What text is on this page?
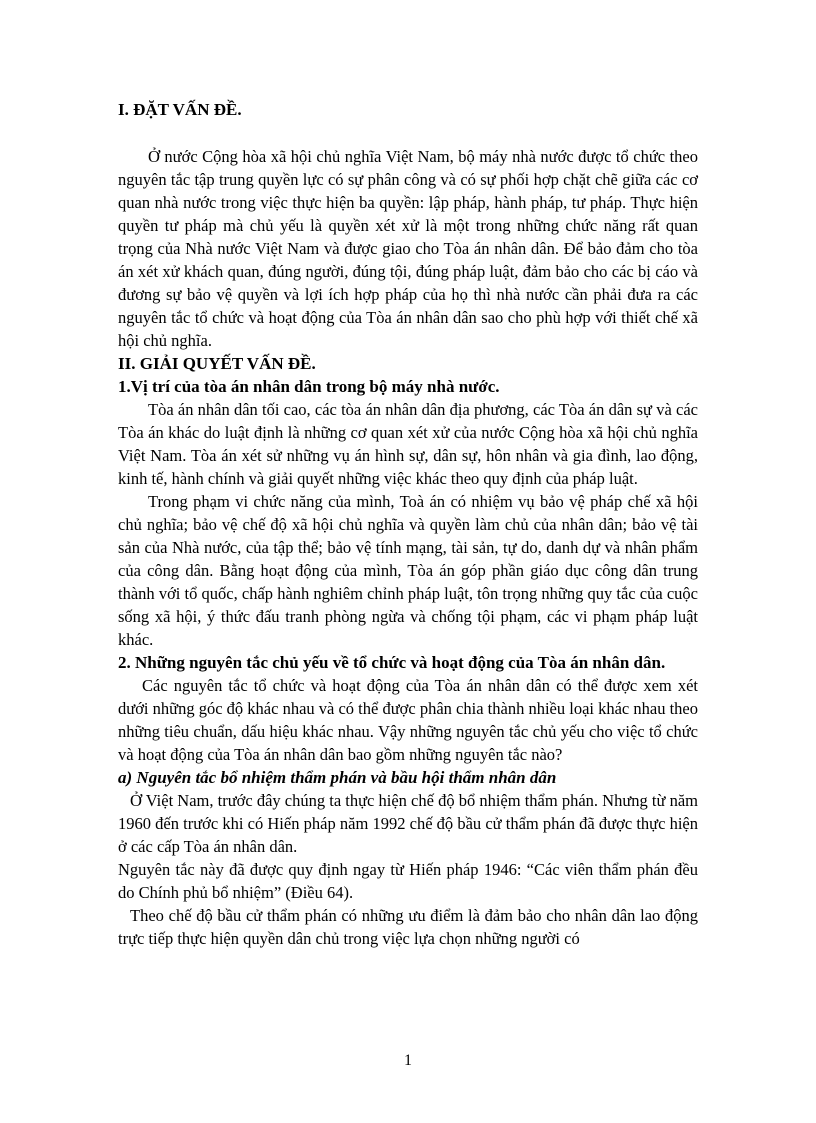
I. ĐẶT VẤN ĐỀ.

Ở nước Cộng hòa xã hội chủ nghĩa Việt Nam, bộ máy nhà nước được tổ chức theo nguyên tắc tập trung quyền lực có sự phân công và có sự phối hợp chặt chẽ giữa các cơ quan nhà nước trong việc thực hiện ba quyền: lập pháp, hành pháp, tư pháp. Thực hiện quyền tư pháp mà chủ yếu là quyền xét xử là một trong những chức năng rất quan trọng của Nhà nước Việt Nam và được giao cho Tòa án nhân dân. Để bảo đảm cho tòa án xét xử khách quan, đúng người, đúng tội, đúng pháp luật, đảm bảo cho các bị cáo và đương sự bảo vệ quyền và lợi ích hợp pháp của họ thì nhà nước cần phải đưa ra các nguyên tắc tổ chức và hoạt động của Tòa án nhân dân sao cho phù hợp với thiết chế xã hội chủ nghĩa.

II. GIẢI QUYẾT VẤN ĐỀ.

1.Vị trí của tòa án nhân dân trong bộ máy nhà nước.

Tòa án nhân dân tối cao, các tòa án nhân dân địa phương, các Tòa án dân sự và các Tòa án khác do luật định là những cơ quan xét xử của nước Cộng hòa xã hội chủ nghĩa Việt Nam. Tòa án xét sử những vụ án hình sự, dân sự, hôn nhân và gia đình, lao động, kinh tế, hành chính và giải quyết những việc khác theo quy định của pháp luật.

Trong phạm vi chức năng của mình, Toà án có nhiệm vụ bảo vệ pháp chế xã hội chủ nghĩa; bảo vệ chế độ xã hội chủ nghĩa và quyền làm chủ của nhân dân; bảo vệ tài sản của Nhà nước, của tập thể; bảo vệ tính mạng, tài sản, tự do, danh dự và nhân phẩm của công dân. Bằng hoạt động của mình, Tòa án góp phần giáo dục công dân trung thành với tổ quốc, chấp hành nghiêm chỉnh pháp luật, tôn trọng những quy tắc của cuộc sống xã hội, ý thức đấu tranh phòng ngừa và chống tội phạm, các vi phạm pháp luật khác.

2. Những nguyên tắc chủ yếu về tổ chức và hoạt động của Tòa án nhân dân.

Các nguyên tắc tổ chức và hoạt động của Tòa án nhân dân có thể được xem xét dưới những góc độ khác nhau và có thể được phân chia thành nhiều loại khác nhau theo những tiêu chuẩn, dấu hiệu khác nhau. Vậy những nguyên tắc chủ yếu cho việc tổ chức và hoạt động của Tòa án nhân dân bao gồm những nguyên tắc nào?

a) Nguyên tắc bổ nhiệm thẩm phán và bầu hội thẩm nhân dân

Ở Việt Nam, trước đây chúng ta thực hiện chế độ bổ nhiệm thẩm phán. Nhưng từ năm 1960 đến trước khi có Hiến pháp năm 1992 chế độ bầu cử thẩm phán đã được thực hiện ở các cấp Tòa án nhân dân.

Nguyên tắc này đã được quy định ngay từ Hiến pháp 1946: “Các viên thẩm phán đều do Chính phủ bổ nhiệm” (Điều 64).

Theo chế độ bầu cử thẩm phán có những ưu điểm là đảm bảo cho nhân dân lao động trực tiếp thực hiện quyền dân chủ trong việc lựa chọn những người có

1
